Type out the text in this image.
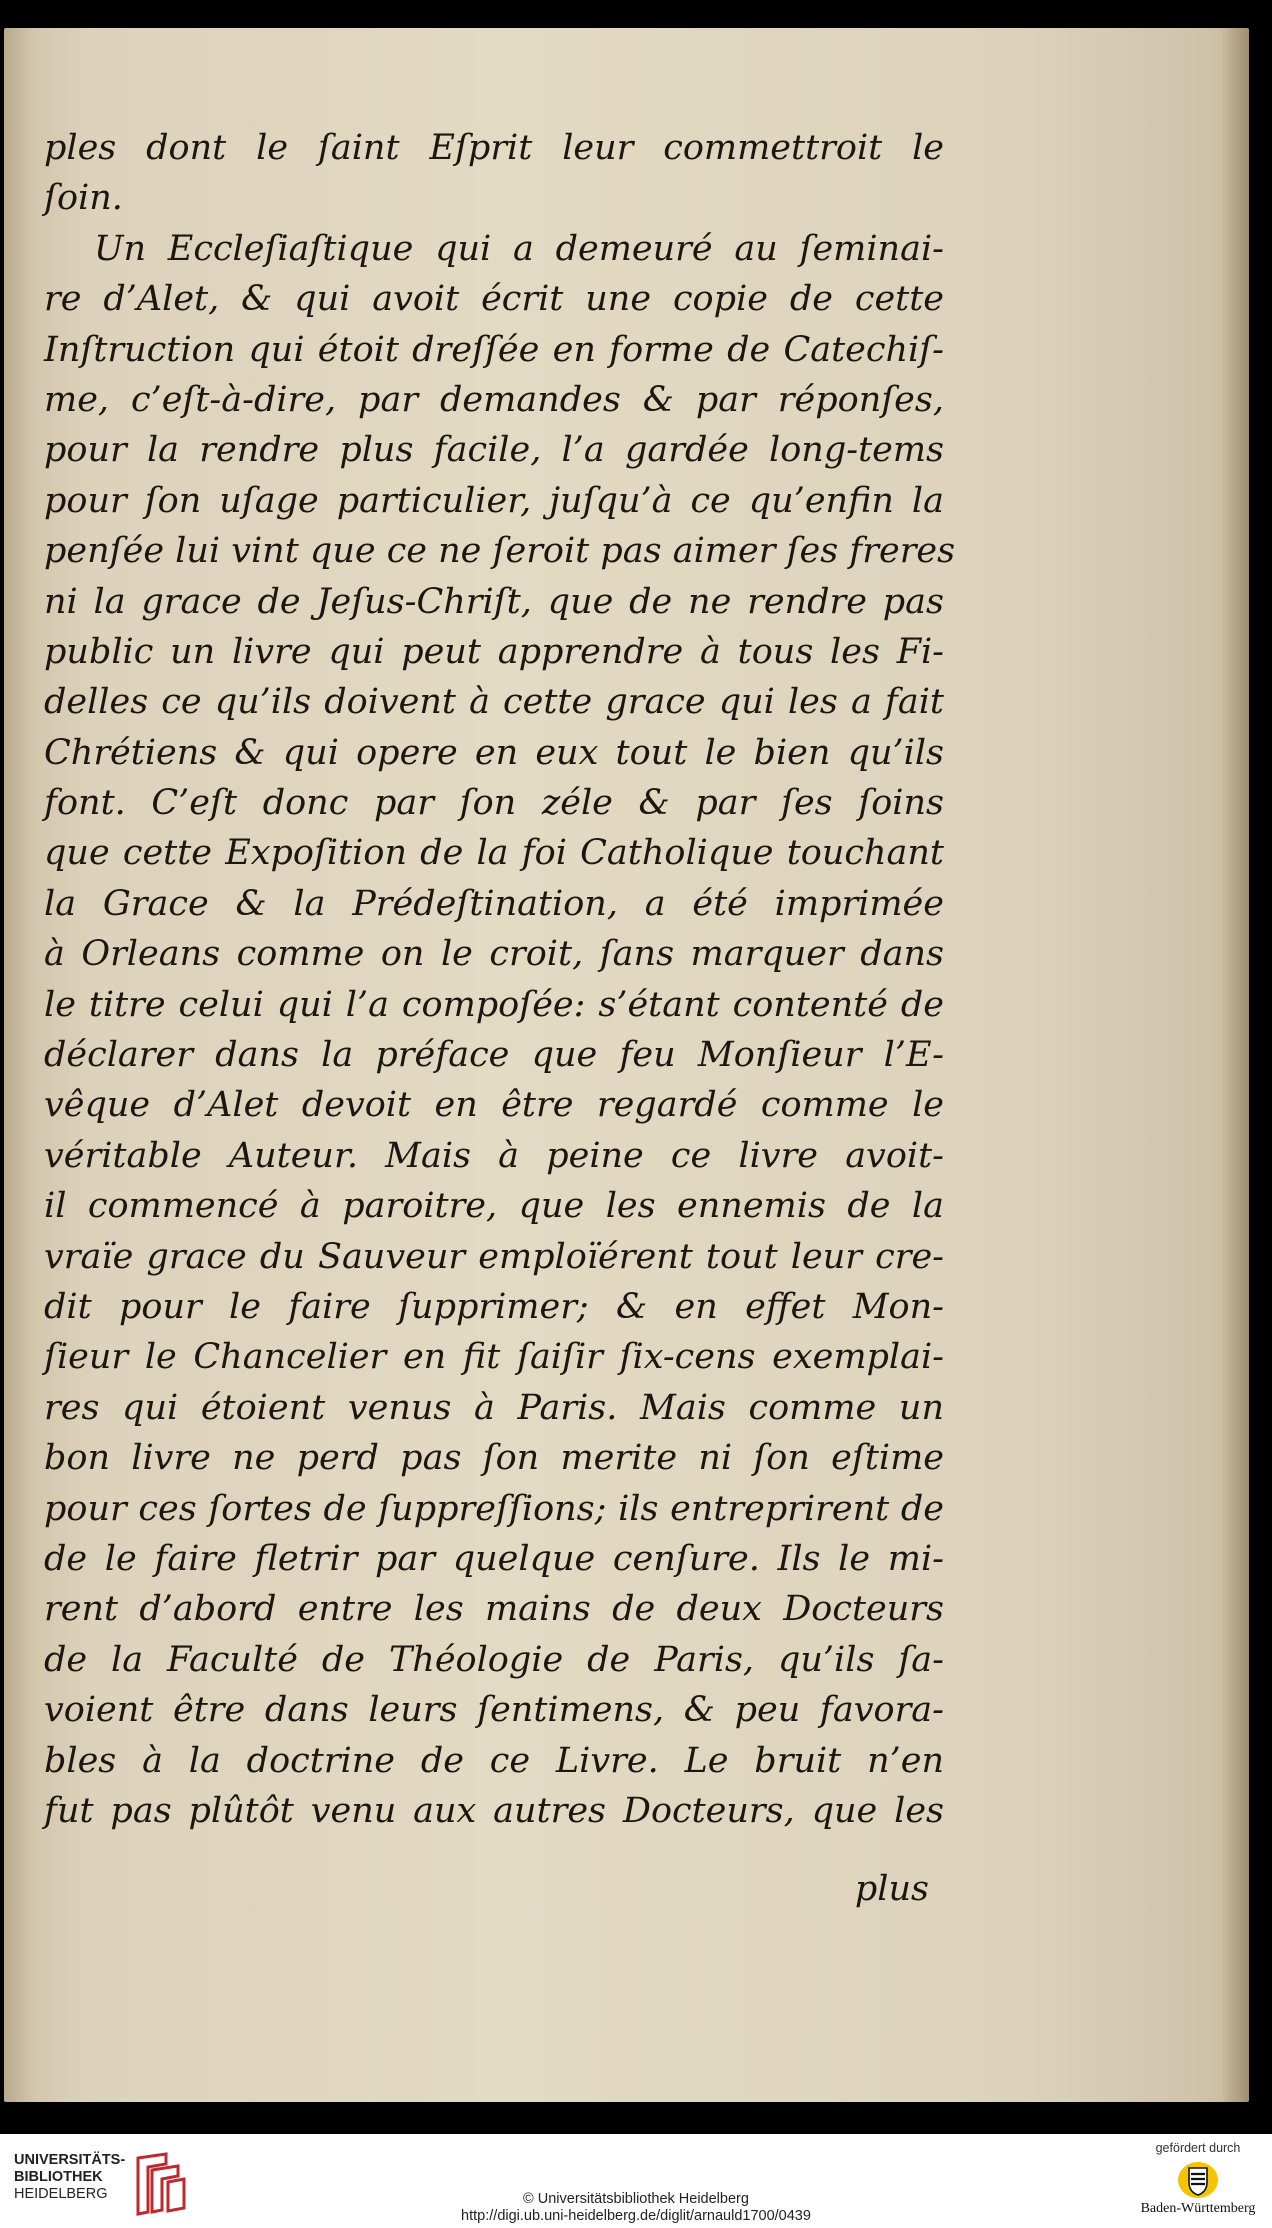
ples dont le ſaint Eſprit leur commettroit le
ſoin.
Un Eccleſiaſtique qui a demeuré au ſeminai-
re d’Alet, & qui avoit écrit une copie de cette
Inſtruction qui étoit dreſſée en forme de Catechiſ-
me, c’eſt-à-dire, par demandes & par réponſes,
pour la rendre plus facile, l’a gardée long-tems
pour ſon uſage particulier, juſqu’à ce qu’enfin la
penſée lui vint que ce ne ſeroit pas aimer ſes freres
ni la grace de Jeſus-Chriſt, que de ne rendre pas
public un livre qui peut apprendre à tous les Fi-
delles ce qu’ils doivent à cette grace qui les a fait
Chrétiens & qui opere en eux tout le bien qu’ils
font. C’eſt donc par ſon zéle & par ſes ſoins
que cette Expoſition de la foi Catholique touchant
la Grace & la Prédeſtination, a été imprimée
à Orleans comme on le croit, ſans marquer dans
le titre celui qui l’a compoſée: s’étant contenté de
déclarer dans la préface que feu Monſieur l’E-
vêque d’Alet devoit en être regardé comme le
véritable Auteur. Mais à peine ce livre avoit-
il commencé à paroitre, que les ennemis de la
vraïe grace du Sauveur emploïérent tout leur cre-
dit pour le faire ſupprimer; & en effet Mon-
ſieur le Chancelier en fit ſaiſir ſix-cens exemplai-
res qui étoient venus à Paris. Mais comme un
bon livre ne perd pas ſon merite ni ſon eſtime
pour ces ſortes de ſuppreſſions; ils entreprirent de
de le faire fletrir par quelque cenſure. Ils le mi-
rent d’abord entre les mains de deux Docteurs
de la Faculté de Théologie de Paris, qu’ils ſa-
voient être dans leurs ſentimens, & peu favora-
bles à la doctrine de ce Livre. Le bruit n’en
fut pas plûtôt venu aux autres Docteurs, que les
plus
UNIVERSITÄTS-
BIBLIOTHEK
HEIDELBERG	© Universitätsbibliothek Heidelberg
http://digi.ub.uni-heidelberg.de/diglit/arnauld1700/0439
gefördert durch
Baden-Württemberg
